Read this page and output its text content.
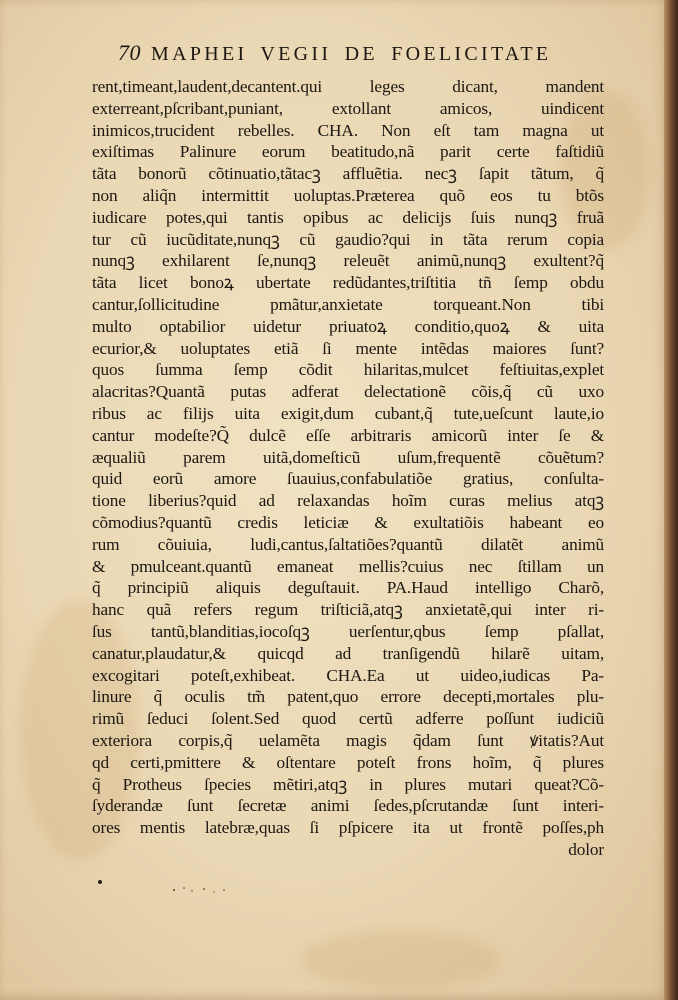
70 MAPHEI VEGII DE FOELICITATE
rent,timeant,laudent,decantent.qui leges dicant, mandent
exterreant,pſcribant,puniant, extollant amicos, uindicent
inimicos,trucident rebelles. CHA. Non eſt tam magna ut
exiſtimas Palinure eorum beatitudo,nã parit certe faſtidiũ
tãta bonorũ cõtinuatio,tãtacꝫ affluẽtia. necꝫ ſapit tãtum, q̃
non aliq̃n intermittit uoluptas.Præterea quõ eos tu btõs
iudicare potes,qui tantis opibus ac delicijs ſuis nunqꝫ fruã
tur cũ iucũditate,nunqꝫ cũ gaudio?qui in tãta rerum copia
nunqꝫ exhilarent ſe,nunqꝫ releuẽt animũ,nunqꝫ exultent?q̃
tãta licet bonoꝝ ubertate redũdantes,triſtitia tñ ſemp obdu
cantur,ſollicitudine pmãtur,anxietate torqueant.Non tibi
multo optabilior uidetur priuatoꝝ conditio,quoꝝ & uita
ecurior,& uoluptates etiã ſi mente intẽdas maiores ſunt?
quos ſumma ſemp cõdit hilaritas,mulcet feſtiuitas,explet
alacritas?Quantã putas adferat delectationẽ cõis,q̃ cũ uxo
ribus ac filijs uita exigit,dum cubant,q̃ tute,ueſcunt laute,io
cantur modeſte?Q̃ dulcẽ eſſe arbitraris amicorũ inter ſe &
æqualiũ parem uitã,domeſticũ uſum,frequentẽ cõuẽtum?
quid eorũ amore ſuauius,confabulatiõe gratius, conſulta-
tione liberius?quid ad relaxandas hoĩm curas melius atqꝫ
cõmodius?quantũ credis leticiæ & exultatiõis habeant eo
rum cõuiuia, ludi,cantus,ſaltatiões?quantũ dilatẽt animũ
& pmulceant.quantũ emaneat mellis?cuius nec ſtillam un
q̃ principiũ aliquis deguſtauit. PA.Haud intelligo Charõ,
hanc quã refers regum triſticiã,atqꝫ anxietatẽ,qui inter ri-
ſus tantũ,blanditias,iocoſqꝫ uerſentur,qbus ſemp pſallat,
canatur,plaudatur,& quicqd ad tranſigendũ hilarẽ uitam,
excogitari poteſt,exhibeat. CHA.Ea ut uideo,iudicas Pa-
linure q̃ oculis tm̃ patent,quo errore decepti,mortales plu-
rimũ ſeduci ſolent.Sed quod certũ adferre poſſunt iudiciũ
exteriora corpis,q̃ uelamẽta magis q̃dam ſunt ꝟitatis?Aut
qd certi,pmittere & oſtentare poteſt frons hoĩm, q̃ plures
q̃ Protheus ſpecies mẽtiri,atqꝫ in plures mutari queat?Cõ-
ſyderandæ ſunt ſecretæ animi ſedes,pſcrutandæ ſunt interi-
ores mentis latebræ,quas ſi pſpicere ita ut frontẽ poſſes,ph
dolor
